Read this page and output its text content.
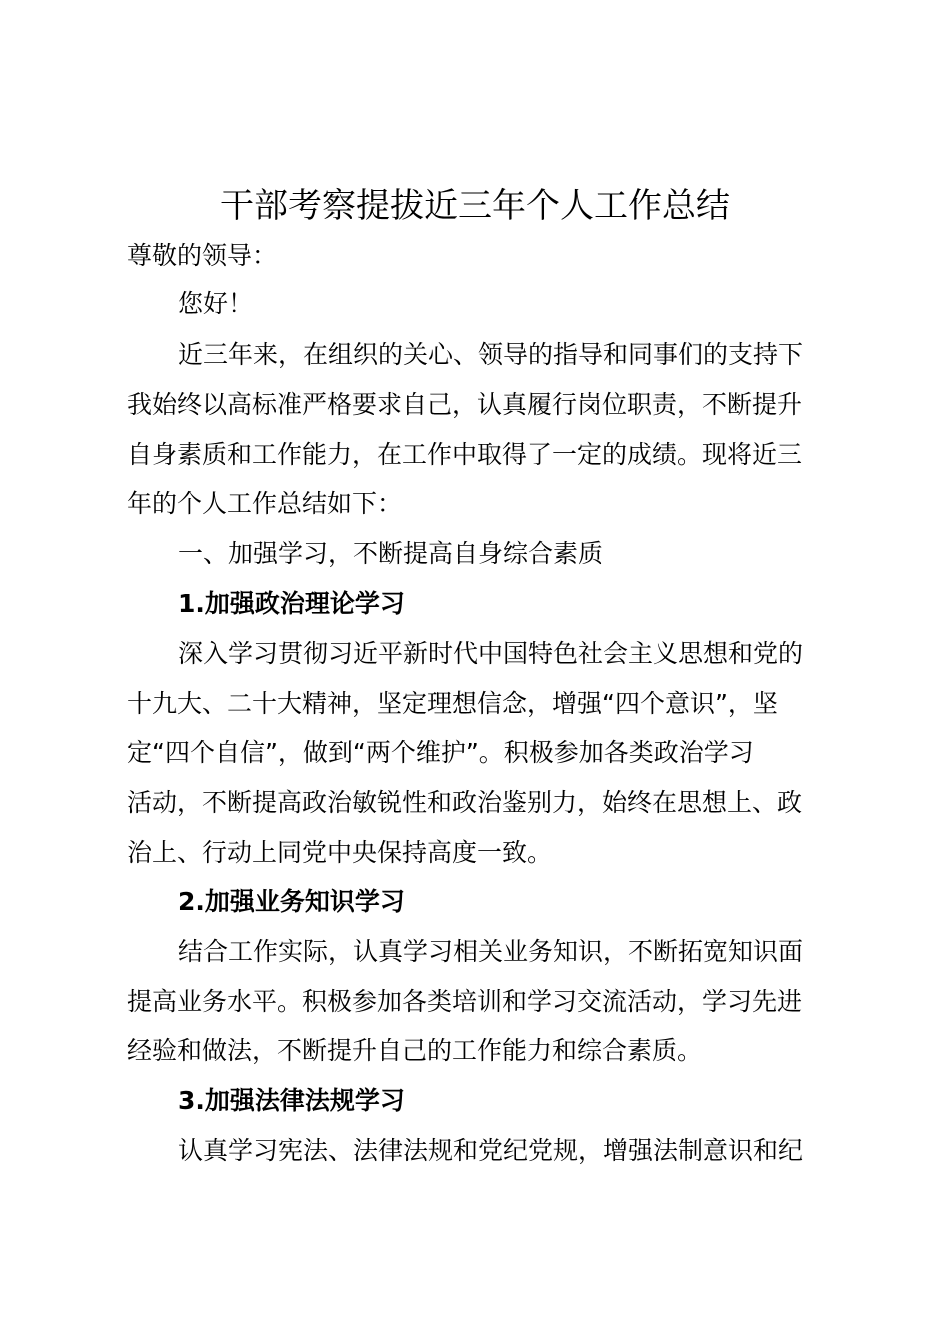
干部考察提拔近三年个人工作总结

尊敬的领导：

您好！

近三年来，在组织的关心、领导的指导和同事们的支持下

我始终以高标准严格要求自己，认真履行岗位职责，不断提升

自身素质和工作能力，在工作中取得了一定的成绩。现将近三

年的个人工作总结如下：

一、加强学习，不断提高自身综合素质

1.加强政治理论学习

深入学习贯彻习近平新时代中国特色社会主义思想和党的

十九大、二十大精神，坚定理想信念，增强“四个意识”，坚

定“四个自信”，做到“两个维护”。积极参加各类政治学习

活动，不断提高政治敏锐性和政治鉴别力，始终在思想上、政

治上、行动上同党中央保持高度一致。

2.加强业务知识学习

结合工作实际，认真学习相关业务知识，不断拓宽知识面

提高业务水平。积极参加各类培训和学习交流活动，学习先进

经验和做法，不断提升自己的工作能力和综合素质。

3.加强法律法规学习

认真学习宪法、法律法规和党纪党规，增强法制意识和纪
